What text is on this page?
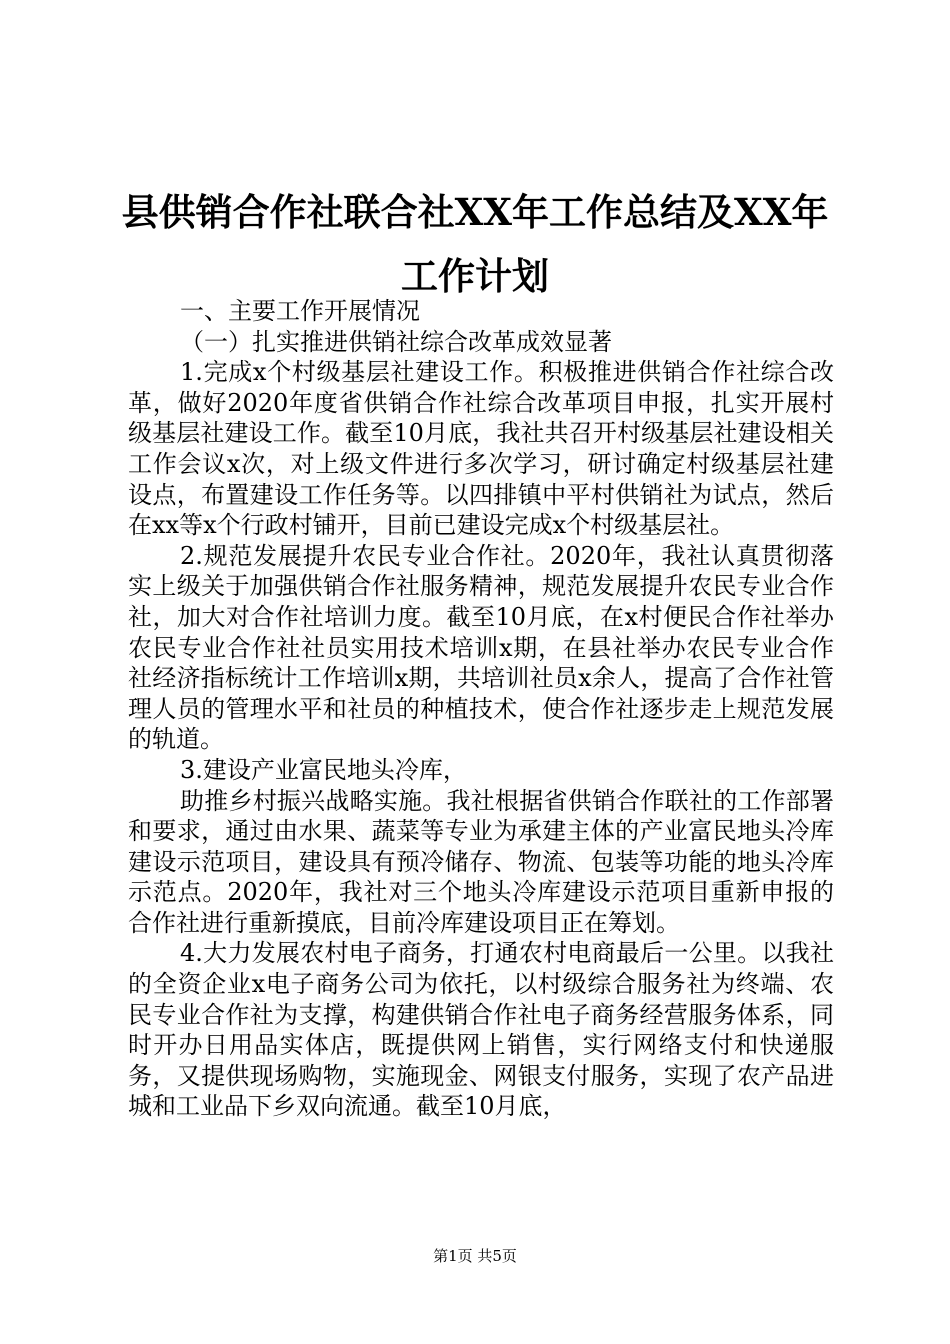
县供销合作社联合社XX年工作总结及XX年工作计划

一、主要工作开展情况

（一）扎实推进供销社综合改革成效显著

1.完成x个村级基层社建设工作。积极推进供销合作社综合改革，做好2020年度省供销合作社综合改革项目申报，扎实开展村级基层社建设工作。截至10月底，我社共召开村级基层社建设相关工作会议x次，对上级文件进行多次学习，研讨确定村级基层社建设点，布置建设工作任务等。以四排镇中平村供销社为试点，然后在xx等x个行政村铺开，目前已建设完成x个村级基层社。

2.规范发展提升农民专业合作社。2020年，我社认真贯彻落实上级关于加强供销合作社服务精神，规范发展提升农民专业合作社，加大对合作社培训力度。截至10月底，在x村便民合作社举办农民专业合作社社员实用技术培训x期，在县社举办农民专业合作社经济指标统计工作培训x期，共培训社员x余人，提高了合作社管理人员的管理水平和社员的种植技术，使合作社逐步走上规范发展的轨道。

3.建设产业富民地头冷库，

助推乡村振兴战略实施。我社根据省供销合作联社的工作部署和要求，通过由水果、蔬菜等专业为承建主体的产业富民地头冷库建设示范项目，建设具有预冷储存、物流、包装等功能的地头冷库示范点。2020年，我社对三个地头冷库建设示范项目重新申报的合作社进行重新摸底，目前冷库建设项目正在筹划。

4.大力发展农村电子商务，打通农村电商最后一公里。以我社的全资企业x电子商务公司为依托，以村级综合服务社为终端、农民专业合作社为支撑，构建供销合作社电子商务经营服务体系，同时开办日用品实体店，既提供网上销售，实行网络支付和快递服务，又提供现场购物，实施现金、网银支付服务，实现了农产品进城和工业品下乡双向流通。截至10月底，

第1页 共5页
